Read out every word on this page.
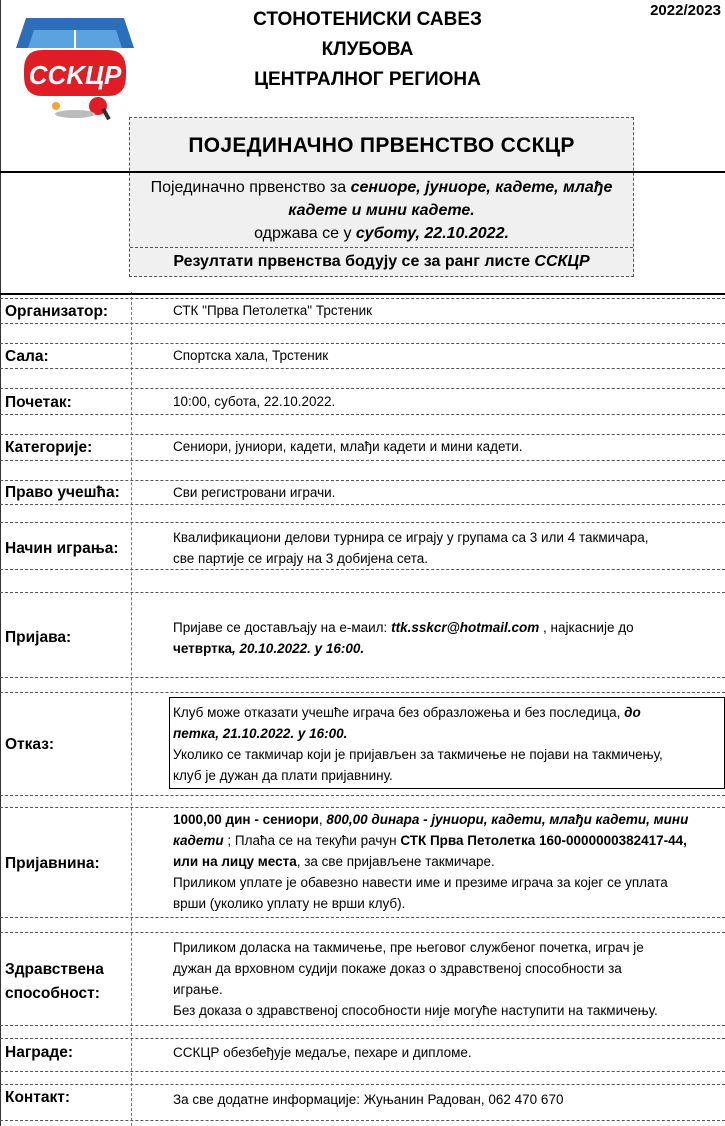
СCKЦР
СТОНОТЕНИСКИ САВЕЗ
КЛУБОВА
ЦЕНТРАЛНОГ РЕГИОНА
2022/2023
ПОЈЕДИНАЧНО ПРВЕНСТВО ССКЦР
Појединачно првенство за сениоре, јуниоре, кадете, млађе
кадете и мини кадете.
одржава се у суботу, 22.10.2022.
Резултати првенства бодују се за ранг листе ССКЦР
Организатор:	СТК "Прва Петолетка" Трстеник
Сала:	Спортска хала, Трстеник
Почетак:	10:00, субота, 22.10.2022.
Категорије:	Сениори, јуниори, кадети, млађи кадети и мини кадети.
Право учешћа:	Сви регистровани играчи.
Начин играња:
Квалификациони делови турнира се играју у групама са 3 или 4 такмичара,
све партије се играју на 3 добијена сета.
Пријава:
Пријаве се достављају на e-маил: ttk.sskcr@hotmail.com , најкасније до
четвртка, 20.10.2022. у 16:00.
Отказ:
Клуб може отказати учешће играча без образложења и без последица, до
петка, 21.10.2022. у 16:00.
Уколико се такмичар који је пријављен за такмичење не појави на такмичењу,
клуб је дужан да плати пријавнину.
Пријавнина:
1000,00 дин - сениори, 800,00 динара - јуниори, кадети, млађи кадети, мини
кадети ; Плаћа се на текући рачун СТК Прва Петолетка 160-0000000382417-44,
или на лицу места, за све пријављене такмичаре.
Приликом уплате је обавезно навести име и презиме играча за којег се уплата
врши (уколико уплату не врши клуб).
Здравствена
способност:
Приликом доласка на такмичење, пре његовог службеног почетка, играч је
дужан да врховном судији покаже доказ о здравственој способности за
играње.
Без доказа о здравственој способности није могуће наступити на такмичењу.
Награде:	ССКЦР обезбеђује медаље, пехаре и дипломе.
Контакт:	За све додатне информације: Жуњанин Радован, 062 470 670
